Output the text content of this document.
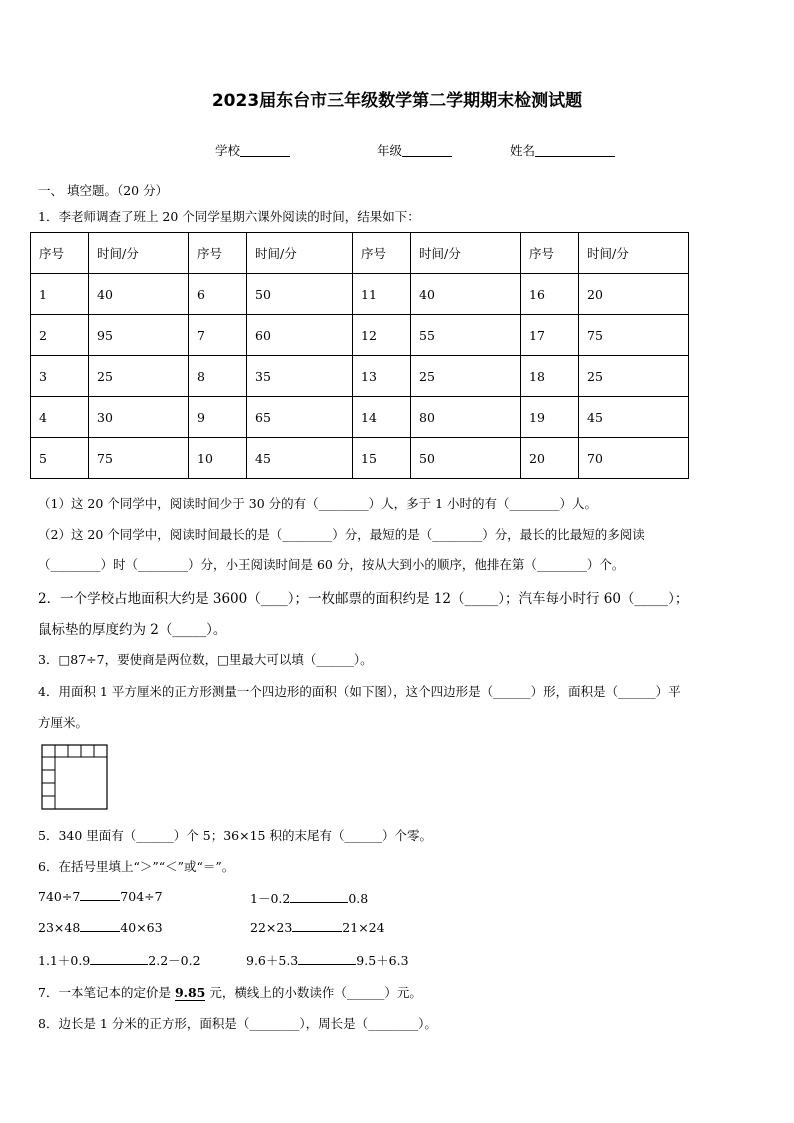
2023届东台市三年级数学第二学期期末检测试题
学校	年级	姓名
一、 填空题。（20 分）
1．李老师调查了班上 20 个同学星期六课外阅读的时间，结果如下：
序号	时间/分	序号	时间/分	序号	时间/分	序号	时间/分
1	40	6	50	11	40	16	20
2	95	7	60	12	55	17	75
3	25	8	35	13	25	18	25
4	30	9	65	14	80	19	45
5	75	10	45	15	50	20	70
（1）这 20 个同学中，阅读时间少于 30 分的有（________）人，多于 1 小时的有（________）人。
（2）这 20 个同学中，阅读时间最长的是（________）分，最短的是（________）分，最长的比最短的多阅读
（________）时（________）分，小王阅读时间是 60 分，按从大到小的顺序，他排在第（________）个。
2．一个学校占地面积大约是 3600（____）；一枚邮票的面积约是 12（_____）；汽车每小时行 60（_____）；
鼠标垫的厚度约为 2（_____）。
3．□87÷7，要使商是两位数，□里最大可以填（______）。
4．用面积 1 平方厘米的正方形测量一个四边形的面积（如下图），这个四边形是（______）形，面积是（______）平
方厘米。
5．340 里面有（______）个 5；36×15 积的末尾有（______）个零。
6．在括号里填上“＞”“＜”或“＝”。
740÷7	704÷7	1－0.2	0.8
23×48	40×63	22×23	21×24
1.1＋0.9	2.2－0.2	9.6＋5.3	9.5＋6.3
7．一本笔记本的定价是 9.85 元，横线上的小数读作（______）元。
8．边长是 1 分米的正方形，面积是（________），周长是（________）。
